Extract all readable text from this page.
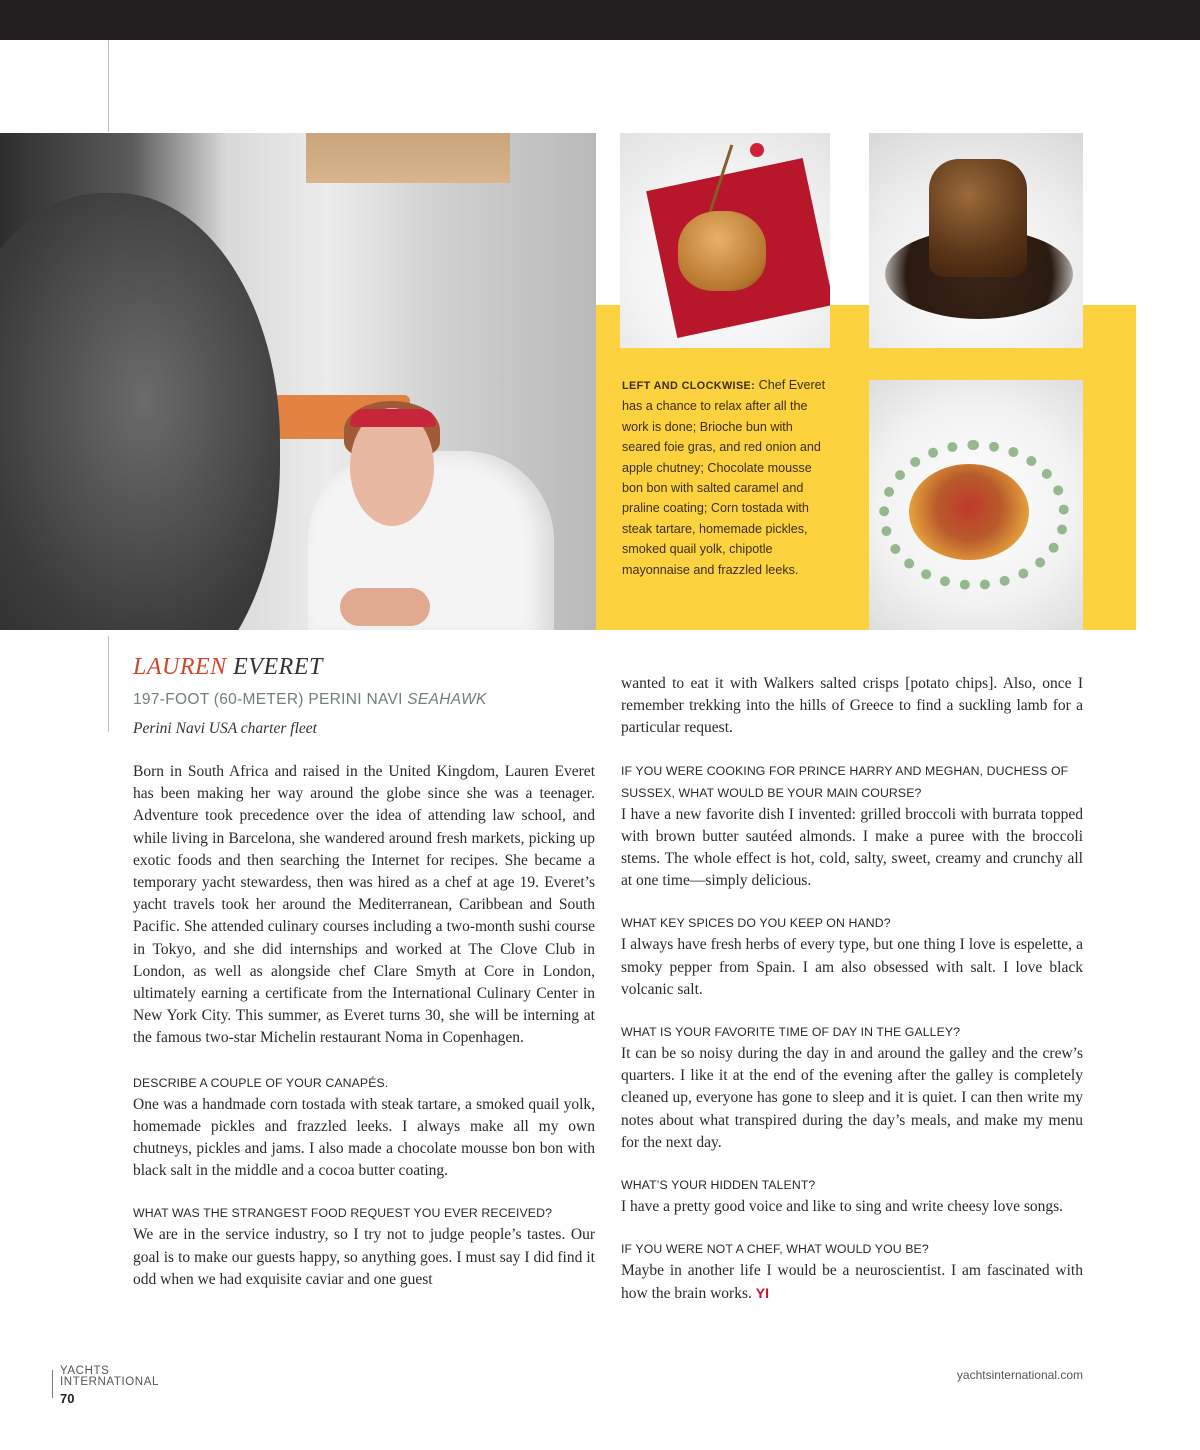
LEFT AND CLOCKWISE: Chef Everet has a chance to relax after all the work is done; Brioche bun with seared foie gras, and red onion and apple chutney; Chocolate mousse bon bon with salted caramel and praline coating; Corn tostada with steak tartare, homemade pickles, smoked quail yolk, chipotle mayonnaise and frazzled leeks.
LAUREN EVERET
197-FOOT (60-METER) PERINI NAVI SEAHAWK
Perini Navi USA charter fleet

Born in South Africa and raised in the United Kingdom, Lauren Everet has been making her way around the globe since she was a teenager. Adventure took precedence over the idea of attending law school, and while living in Barcelona, she wandered around fresh markets, picking up exotic foods and then searching the Internet for recipes. She became a temporary yacht stewardess, then was hired as a chef at age 19. Everet’s yacht travels took her around the Mediterranean, Caribbean and South Pacific. She attended culinary courses including a two-month sushi course in Tokyo, and she did internships and worked at The Clove Club in London, as well as alongside chef Clare Smyth at Core in London, ultimately earning a certificate from the International Culinary Center in New York City. This summer, as Everet turns 30, she will be interning at the famous two-star Michelin restaurant Noma in Copenhagen.

DESCRIBE A COUPLE OF YOUR CANAPÉS.

One was a handmade corn tostada with steak tartare, a smoked quail yolk, homemade pickles and frazzled leeks. I always make all my own chutneys, pickles and jams. I also made a chocolate mousse bon bon with black salt in the middle and a cocoa butter coating.

WHAT WAS THE STRANGEST FOOD REQUEST YOU EVER RECEIVED?

We are in the service industry, so I try not to judge people’s tastes. Our goal is to make our guests happy, so anything goes. I must say I did find it odd when we had exquisite caviar and one guest

wanted to eat it with Walkers salted crisps [potato chips]. Also, once I remember trekking into the hills of Greece to find a suckling lamb for a particular request.

IF YOU WERE COOKING FOR PRINCE HARRY AND MEGHAN, DUCHESS OF SUSSEX, WHAT WOULD BE YOUR MAIN COURSE?

I have a new favorite dish I invented: grilled broccoli with burrata topped with brown butter sautéed almonds. I make a puree with the broccoli stems. The whole effect is hot, cold, salty, sweet, creamy and crunchy all at one time—simply delicious.

WHAT KEY SPICES DO YOU KEEP ON HAND?

I always have fresh herbs of every type, but one thing I love is espelette, a smoky pepper from Spain. I am also obsessed with salt. I love black volcanic salt.

WHAT IS YOUR FAVORITE TIME OF DAY IN THE GALLEY?

It can be so noisy during the day in and around the galley and the crew’s quarters. I like it at the end of the evening after the galley is completely cleaned up, everyone has gone to sleep and it is quiet. I can then write my notes about what transpired during the day’s meals, and make my menu for the next day.

WHAT’S YOUR HIDDEN TALENT?

I have a pretty good voice and like to sing and write cheesy love songs.

IF YOU WERE NOT A CHEF, WHAT WOULD YOU BE?

Maybe in another life I would be a neuroscientist. I am fascinated with how the brain works. YI

YACHTS
INTERNATIONAL
70
yachtsinternational.com
